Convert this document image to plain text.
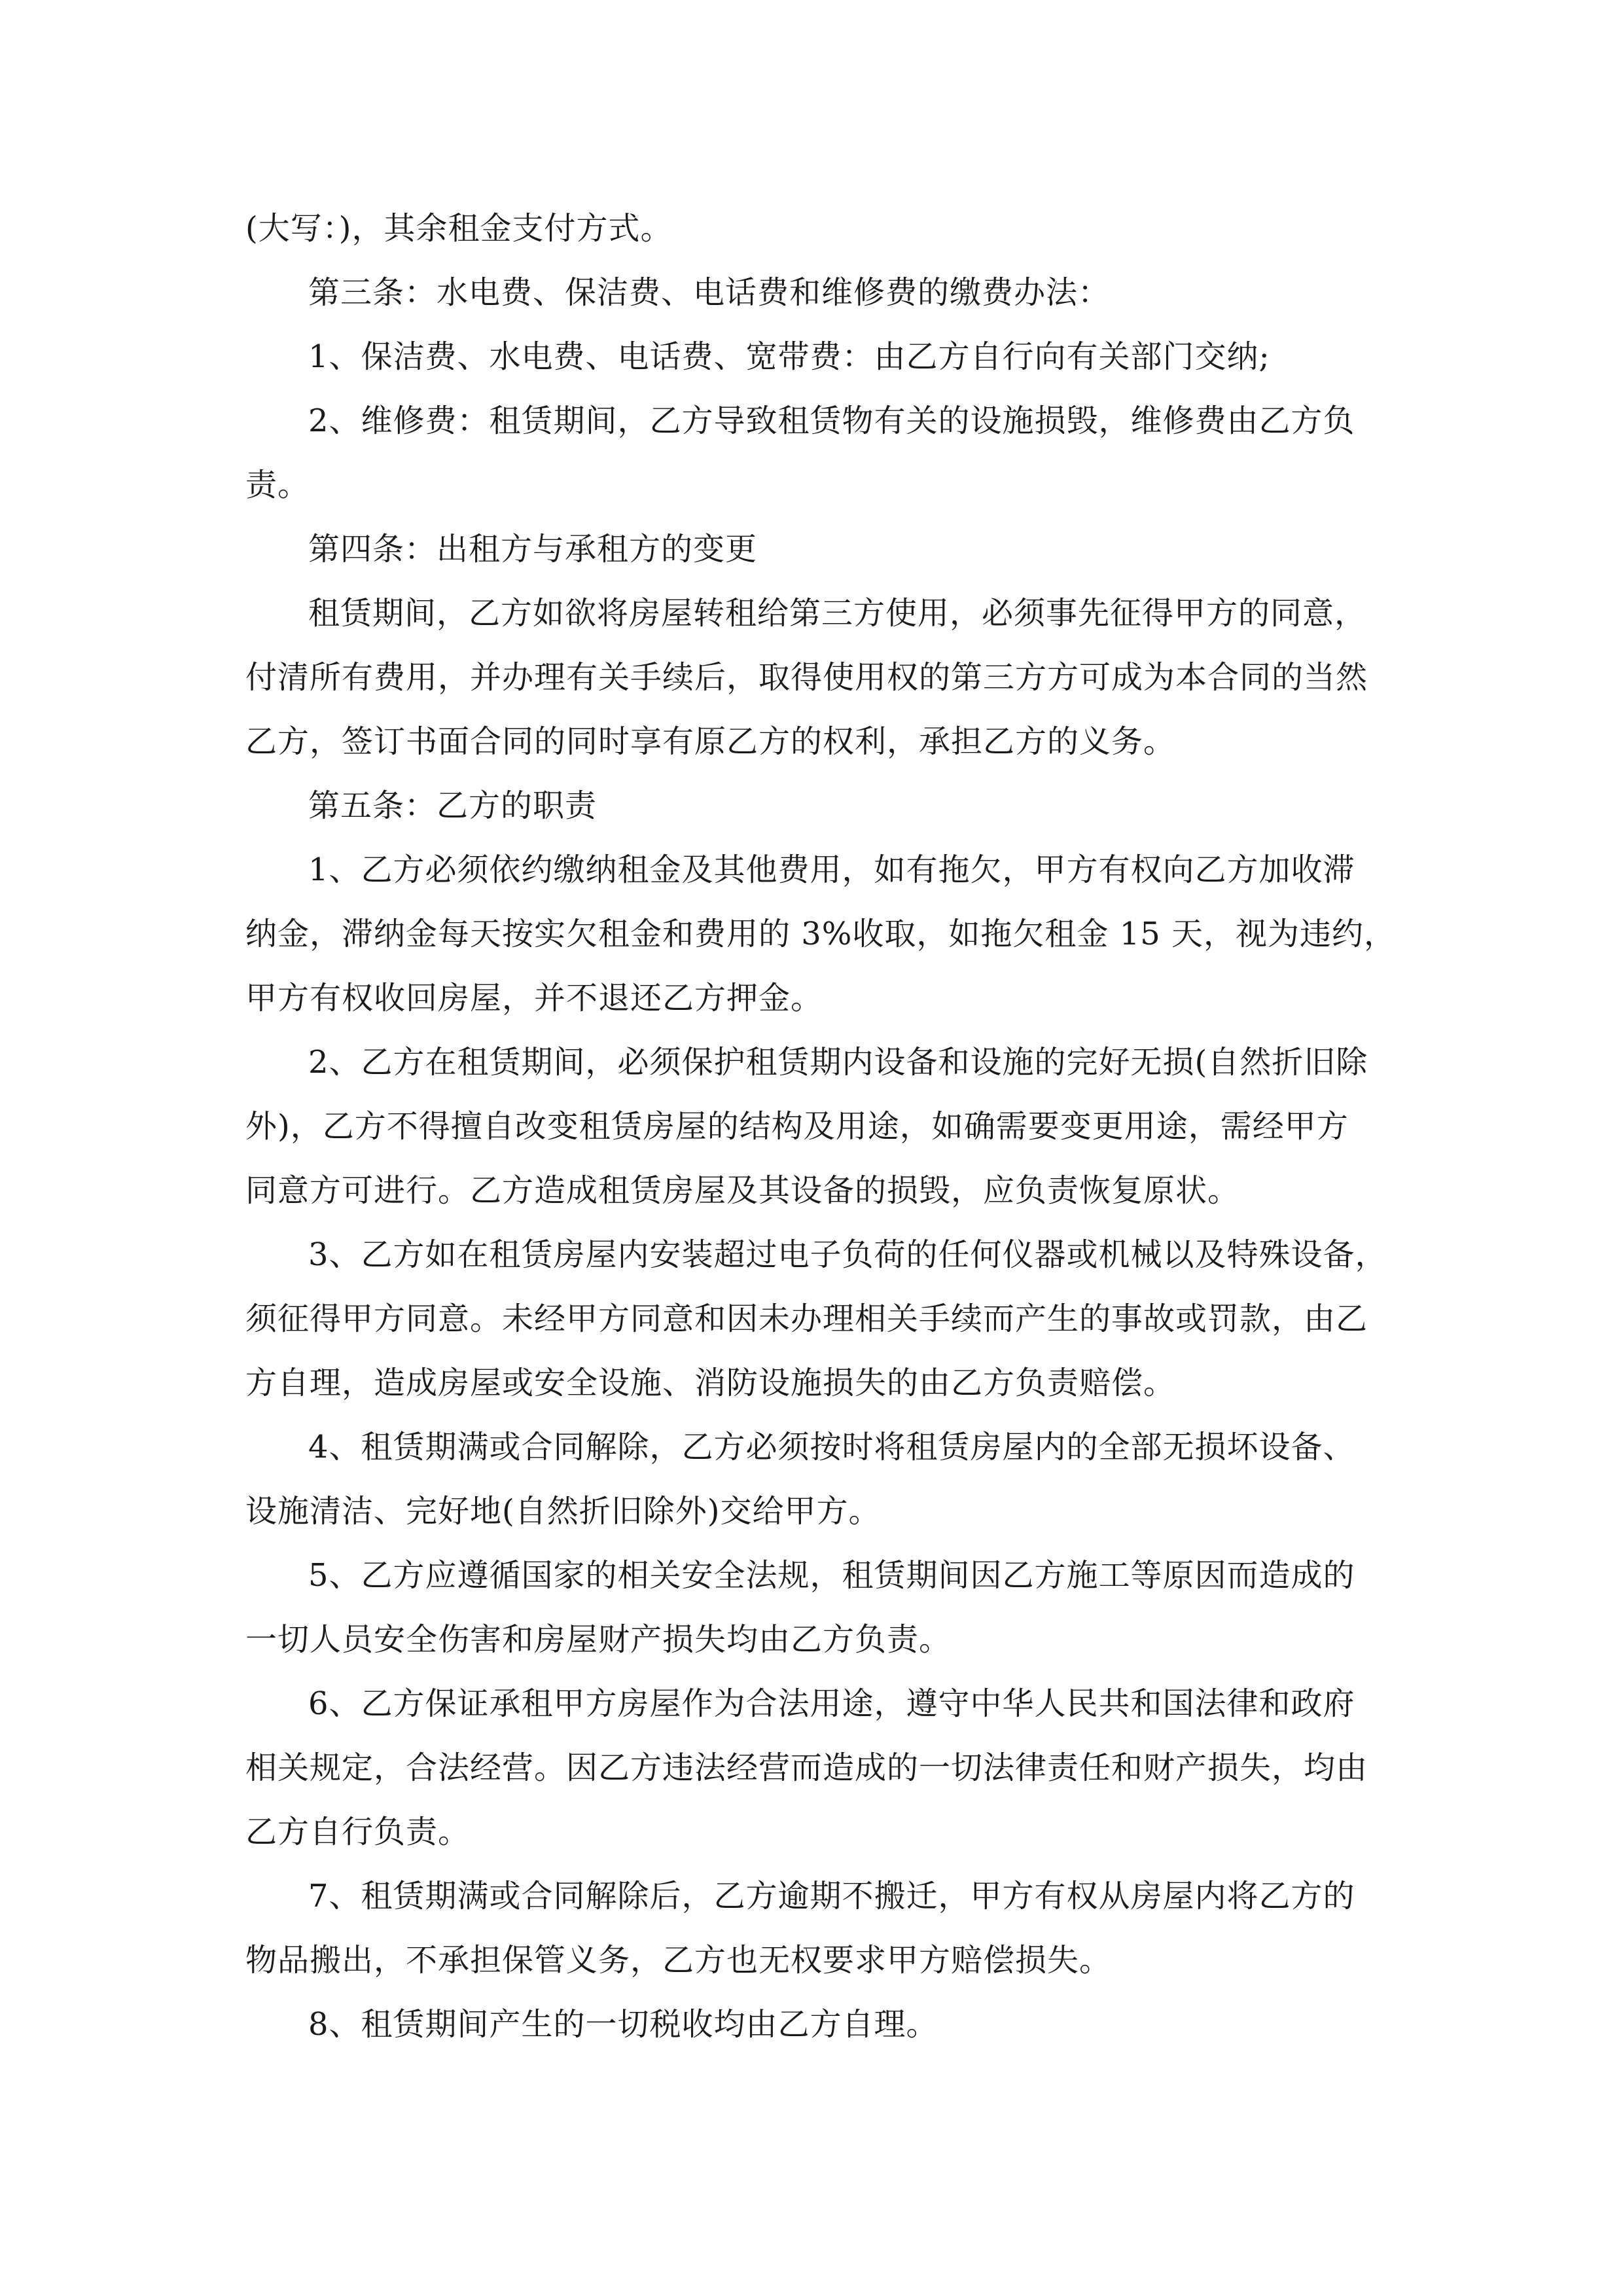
(大写：)，其余租金支付方式。
第三条：水电费、保洁费、电话费和维修费的缴费办法：
1、保洁费、水电费、电话费、宽带费：由乙方自行向有关部门交纳;
2、维修费：租赁期间，乙方导致租赁物有关的设施损毁，维修费由乙方负
责。
第四条：出租方与承租方的变更
租赁期间，乙方如欲将房屋转租给第三方使用，必须事先征得甲方的同意，
付清所有费用，并办理有关手续后，取得使用权的第三方方可成为本合同的当然
乙方，签订书面合同的同时享有原乙方的权利，承担乙方的义务。
第五条：乙方的职责
1、乙方必须依约缴纳租金及其他费用，如有拖欠，甲方有权向乙方加收滞
纳金，滞纳金每天按实欠租金和费用的 3%收取，如拖欠租金 15 天，视为违约，
甲方有权收回房屋，并不退还乙方押金。
2、乙方在租赁期间，必须保护租赁期内设备和设施的完好无损(自然折旧除
外)，乙方不得擅自改变租赁房屋的结构及用途，如确需要变更用途，需经甲方
同意方可进行。乙方造成租赁房屋及其设备的损毁，应负责恢复原状。
3、乙方如在租赁房屋内安装超过电子负荷的任何仪器或机械以及特殊设备，
须征得甲方同意。未经甲方同意和因未办理相关手续而产生的事故或罚款，由乙
方自理，造成房屋或安全设施、消防设施损失的由乙方负责赔偿。
4、租赁期满或合同解除，乙方必须按时将租赁房屋内的全部无损坏设备、
设施清洁、完好地(自然折旧除外)交给甲方。
5、乙方应遵循国家的相关安全法规，租赁期间因乙方施工等原因而造成的
一切人员安全伤害和房屋财产损失均由乙方负责。
6、乙方保证承租甲方房屋作为合法用途，遵守中华人民共和国法律和政府
相关规定，合法经营。因乙方违法经营而造成的一切法律责任和财产损失，均由
乙方自行负责。
7、租赁期满或合同解除后，乙方逾期不搬迁，甲方有权从房屋内将乙方的
物品搬出，不承担保管义务，乙方也无权要求甲方赔偿损失。
8、租赁期间产生的一切税收均由乙方自理。
